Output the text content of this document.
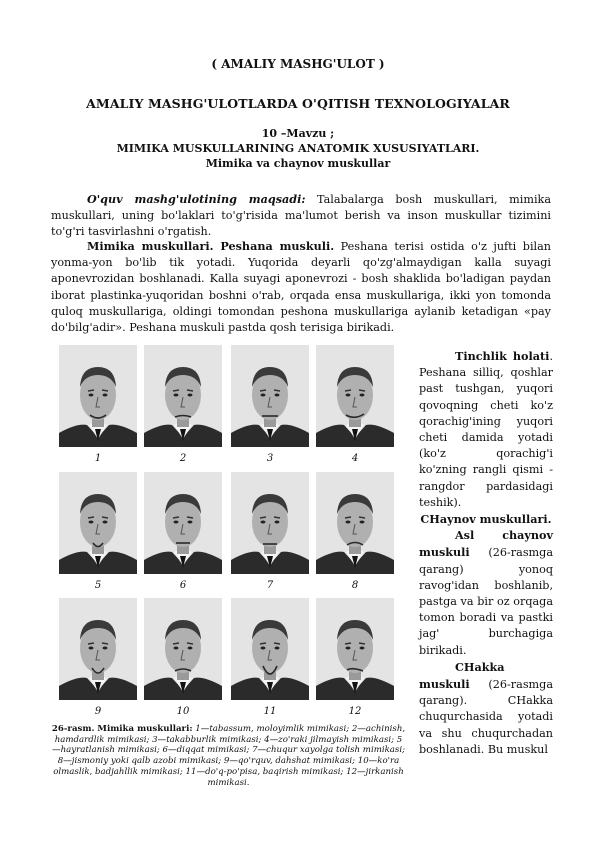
( AMALIY MASHG'ULOT )
AMALIY MASHG'ULOTLARDA O'QITISH TEXNOLOGIYALAR
10 –Mavzu ;
MIMIKA MUSKULLARINING ANATOMIK XUSUSIYATLARI.
Mimika va chaynov muskullar
O'quv mashg'ulotining maqsadi: Talabalarga bosh muskullari, mimika muskullari, uning bo'laklari to'g'risida ma'lumot berish va inson muskullar tizimini to'g'ri tasvirlashni o'rgatish.
Mimika muskullari. Peshana muskuli. Peshana terisi ostida o'z jufti bilan yonma-yon bo'lib tik yotadi. Yuqorida deyarli qo'zg'almaydigan kalla suyagi aponevrozidan boshlanadi. Kalla suyagi aponevrozi - bosh shaklida bo'ladigan paydan iborat plastinka-yuqoridan boshni o'rab, orqada ensa muskullariga, ikki yon tomonda quloq muskullariga, oldingi tomondan peshona muskullariga aylanib ketadigan «pay do'bilg'adir». Peshana muskuli pastda qosh terisiga birikadi.
1	2	3	4
5	6	7	8
9	10	11	12
26-rasm. Mimika muskullari: 1—tabassum, moloyimlik mimikasi; 2—achinish, hamdardlik mimikasi; 3—takabburlik mimikasi; 4—zo'raki jilmayish mimikasi; 5—hayratlanish mimikasi; 6—diqqat mimikasi; 7—chuqur xayolga tolish mimikasi; 8—jismoniy yoki qalb azobi mimikasi; 9—qo'rquv, dahshat mimikasi; 10—ko'ra olmaslik, badjahllik mimikasi; 11—do'q-po'pisa, baqirish mimikasi; 12—jirkanish mimikasi.

Tinchlik holati. Peshana silliq, qoshlar past tushgan, yuqori qovoqning cheti ko'z qorachig'ining yuqori cheti damida yotadi (ko'z qorachig'i ko'zning rangli qismi - rangdor pardasidagi teshik).

CHaynov muskullari.

Asl chaynov muskuli (26-rasmga qarang) yonoq ravog'idan boshlanib, pastga va bir oz orqaga tomon boradi va pastki jag' burchagiga birikadi.

CHakka muskuli (26-rasmga qarang). CHakka chuqurchasida yotadi va shu chuqurchadan boshlanadi. Bu muskul
